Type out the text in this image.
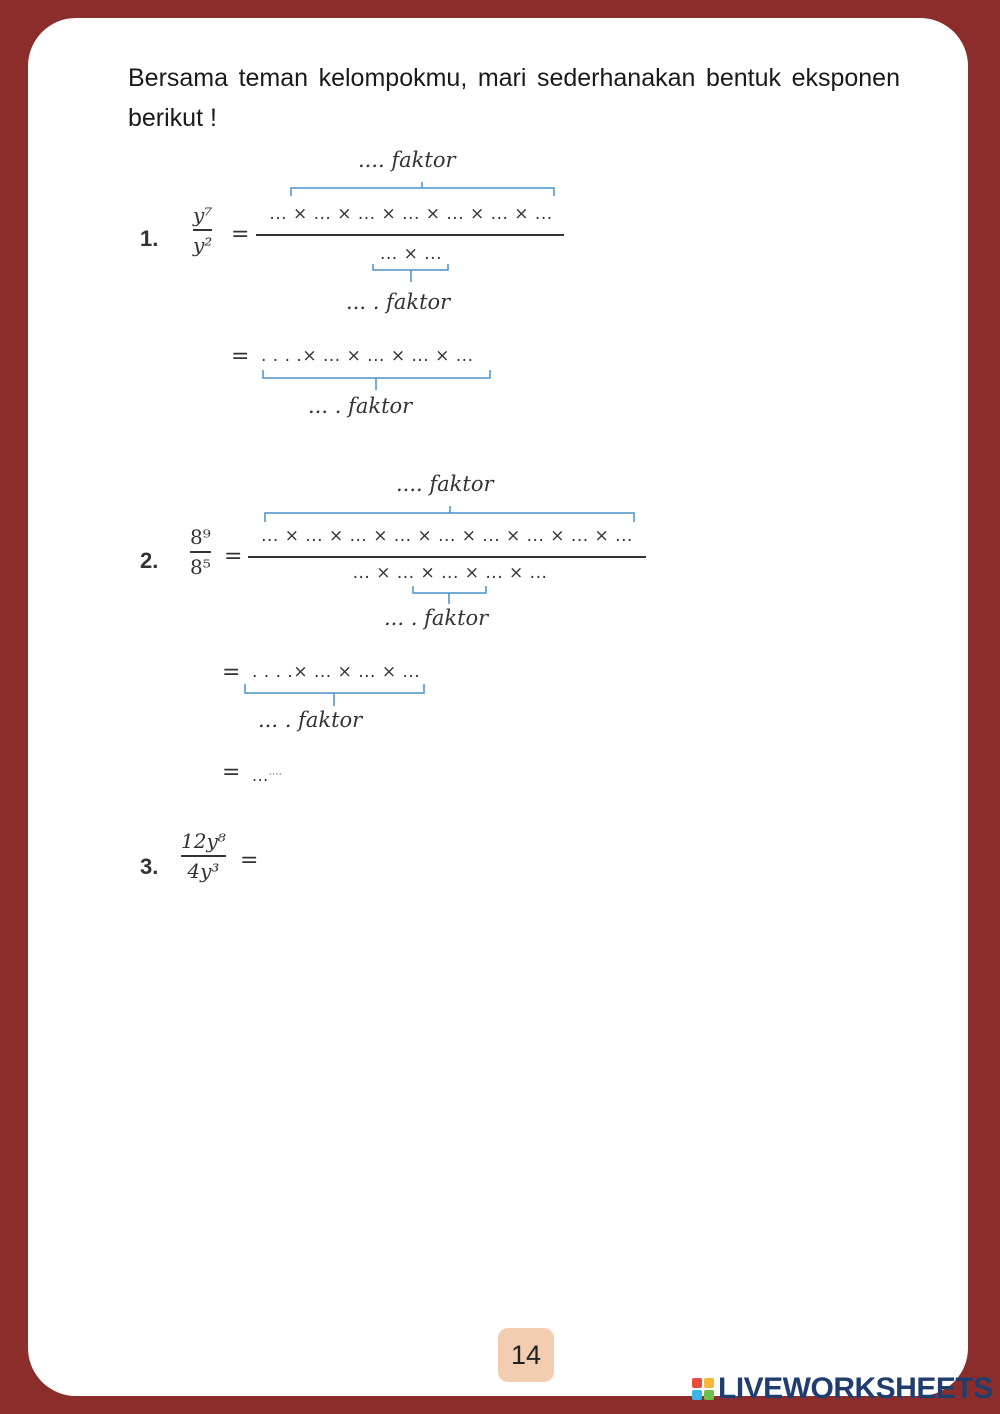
Bersama teman kelompokmu, mari sederhanakan bentuk eksponen berikut !
1.
y⁷
y² =
.... faktor
... × ... × ... × ... × ... × ... × ...
... × ...
... . faktor
= . . . .× ... × ... × ... × ...
... . faktor
2.
8⁹
8⁵ =
.... faktor
... × ... × ... × ... × ... × ... × ... × ... × ...
... × ... × ... × ... × ...
... . faktor
= . . . .× ... × ... × ...
... . faktor
= .......
3.
12y⁸
4y³ =
14
LIVEWORKSHEETS
